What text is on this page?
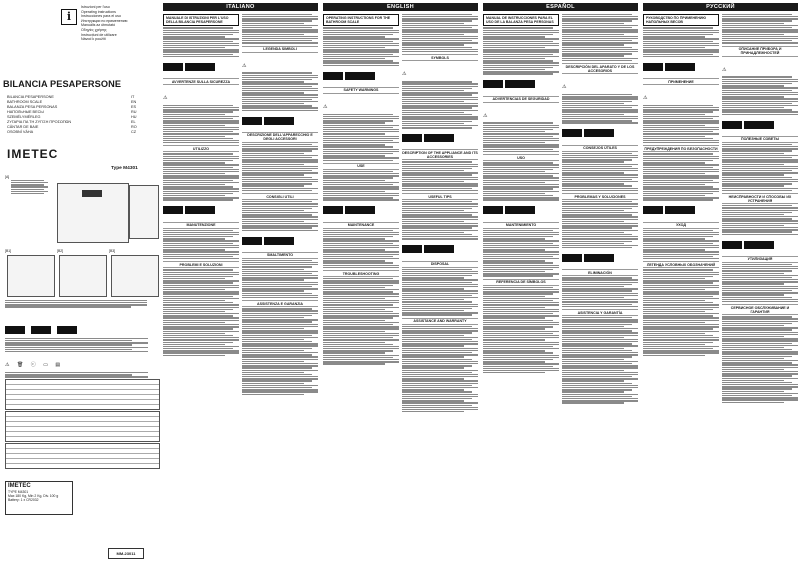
i
Istruzioni per l'uso
Operating instructions
Instrucciones para el uso
Инструкции по применению
Manuális az útmutató
Οδηγίες χρήσης
Instrucțiuni de utilizare
Návod k použití
BILANCIA PESAPERSONE
BILANCIA PESAPERSONE
BATHROOM SCALE
BALANZA PESA PERSONAS
НАПОЛЬНЫЕ ВЕСЫ
SZEMÉLYMÉRLEG
ΖΥΓΑΡΙΑ ΠΑ ΤΗ ΖΥΓΙΣΗ ΠΡΟΣΩΠΩΝ
CÂNTAR DE BAIE
OSOBNÍ VÁHA
IT
EN
ES
RU
HU
EL
RO
CZ
IMETEC
Type M4301
[A]
[B1]	[B2]	[B3]
⚠ 🗑 ⓒ ▭ ▤
IMETEC
TYPE M4301
Max 180 Kg, Min 2 Kg, Div. 100 g
Battery: 1 x CR2032
MM-23011
ITALIANO
MANUALE DI ISTRUZIONI PER L'USO DELLA BILANCIA PESAPERSONE
AVVERTENZE SULLA SICUREZZA
⚠
UTILIZZO
MANUTENZIONE
PROBLEMI E SOLUZIONI
LEGENDA SIMBOLI
⚠
DESCRIZIONE DELL'APPARECCHIO E DEGLI ACCESSORI
CONSIGLI UTILI
SMALTIMENTO
ASSISTENZA E GARANZIA
ENGLISH
OPERATING INSTRUCTIONS FOR THE BATHROOM SCALE
SAFETY WARNINGS
⚠
USE
MAINTENANCE
TROUBLESHOOTING
SYMBOLS
⚠
DESCRIPTION OF THE APPLIANCE AND ITS ACCESSORIES
USEFUL TIPS
DISPOSAL
ASSISTANCE AND WARRANTY
ESPAÑOL
MANUAL DE INSTRUCCIONES PARA EL USO DE LA BALANZA PESA PERSONAS
ADVERTENCIAS DE SEGURIDAD
⚠
USO
MANTENIMIENTO
REFERENCIA DE SÍMBOLOS
DESCRIPCIÓN DEL APARATO Y DE LOS ACCESORIOS
⚠
CONSEJOS ÚTILES
PROBLEMAS Y SOLUCIONES
ELIMINACIÓN
ASISTENCIA Y GARANTÍA
РУССКИЙ
РУКОВОДСТВО ПО ПРИМЕНЕНИЮ НАПОЛЬНЫХ ВЕСОВ
ПРИМЕНЕНИЕ
⚠
ПРЕДУПРЕЖДЕНИЯ ПО БЕЗОПАСНОСТИ
УХОД
ЛЕГЕНДА УСЛОВНЫХ ОБОЗНАЧЕНИЙ
ОПИСАНИЕ ПРИБОРА И ПРИНАДЛЕЖНОСТЕЙ
⚠
ПОЛЕЗНЫЕ СОВЕТЫ
НЕИСПРАВНОСТИ И СПОСОБЫ ИХ УСТРАНЕНИЯ
УТИЛИЗАЦИЯ
СЕРВИСНОЕ ОБСЛУЖИВАНИЕ И ГАРАНТИЯ
